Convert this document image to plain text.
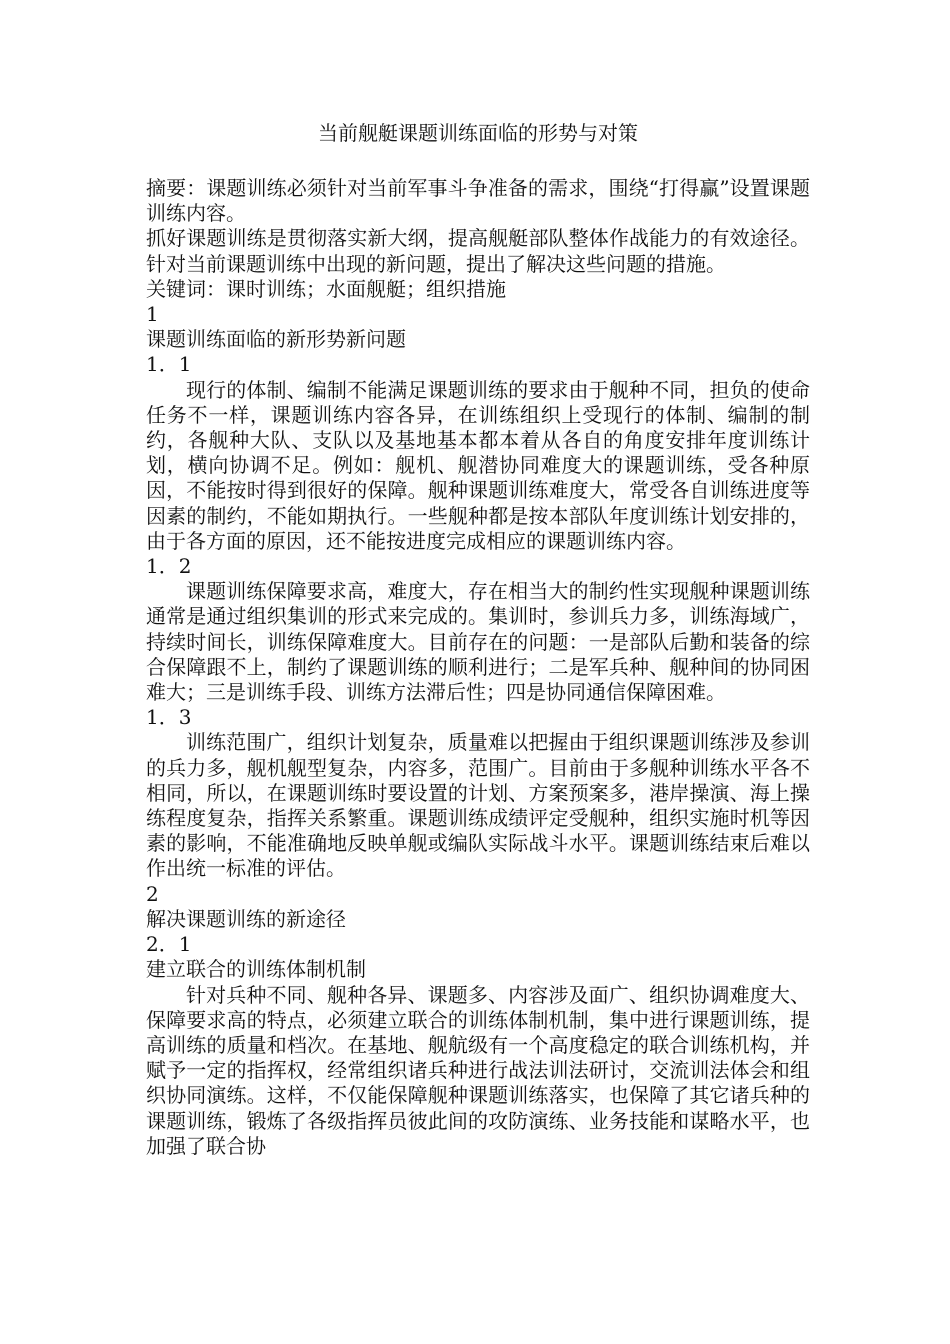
当前舰艇课题训练面临的形势与对策

摘要：课题训练必须针对当前军事斗争准备的需求，围绕“打得赢”设置课题训练内容。

抓好课题训练是贯彻落实新大纲，提高舰艇部队整体作战能力的有效途径。针对当前课题训练中出现的新问题，提出了解决这些问题的措施。

关键词：课时训练；水面舰艇；组织措施

1

课题训练面临的新形势新问题

1．1

现行的体制、编制不能满足课题训练的要求由于舰种不同，担负的使命任务不一样，课题训练内容各异，在训练组织上受现行的体制、编制的制约，各舰种大队、支队以及基地基本都本着从各自的角度安排年度训练计划，横向协调不足。例如：舰机、舰潜协同难度大的课题训练，受各种原因，不能按时得到很好的保障。舰种课题训练难度大，常受各自训练进度等因素的制约，不能如期执行。一些舰种都是按本部队年度训练计划安排的，由于各方面的原因，还不能按进度完成相应的课题训练内容。

1．2

课题训练保障要求高，难度大，存在相当大的制约性实现舰种课题训练通常是通过组织集训的形式来完成的。集训时，参训兵力多，训练海域广，持续时间长，训练保障难度大。目前存在的问题：一是部队后勤和装备的综合保障跟不上，制约了课题训练的顺利进行；二是军兵种、舰种间的协同困难大；三是训练手段、训练方法滞后性；四是协同通信保障困难。

1．3

训练范围广，组织计划复杂，质量难以把握由于组织课题训练涉及参训的兵力多，舰机舰型复杂，内容多，范围广。目前由于多舰种训练水平各不相同，所以，在课题训练时要设置的计划、方案预案多，港岸操演、海上操练程度复杂，指挥关系繁重。课题训练成绩评定受舰种，组织实施时机等因素的影响，不能准确地反映单舰或编队实际战斗水平。课题训练结束后难以作出统一标准的评估。

2

解决课题训练的新途径

2．1

建立联合的训练体制机制

针对兵种不同、舰种各异、课题多、内容涉及面广、组织协调难度大、保障要求高的特点，必须建立联合的训练体制机制，集中进行课题训练，提高训练的质量和档次。在基地、舰航级有一个高度稳定的联合训练机构，并赋予一定的指挥权，经常组织诸兵种进行战法训法研讨，交流训法体会和组织协同演练。这样，不仅能保障舰种课题训练落实，也保障了其它诸兵种的课题训练，锻炼了各级指挥员彼此间的攻防演练、业务技能和谋略水平，也加强了联合协
